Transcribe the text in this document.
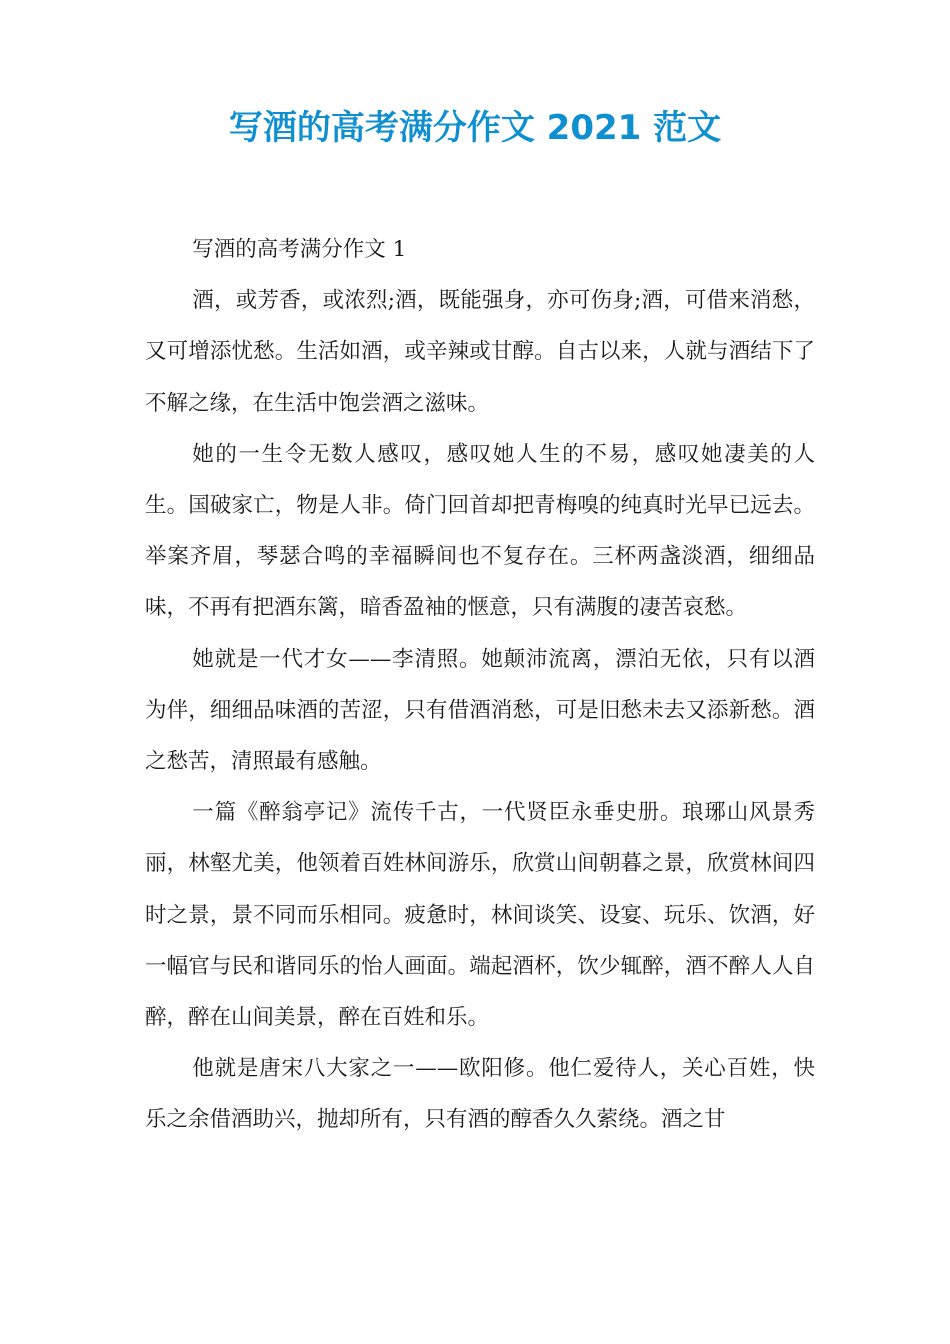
写酒的高考满分作文 2021 范文

写酒的高考满分作文 1

酒，或芳香，或浓烈;酒，既能强身，亦可伤身;酒，可借来消愁，又可增添忧愁。生活如酒，或辛辣或甘醇。自古以来，人就与酒结下了不解之缘，在生活中饱尝酒之滋味。

她的一生令无数人感叹，感叹她人生的不易，感叹她凄美的人生。国破家亡，物是人非。倚门回首却把青梅嗅的纯真时光早已远去。举案齐眉，琴瑟合鸣的幸福瞬间也不复存在。三杯两盏淡酒，细细品味，不再有把酒东篱，暗香盈袖的惬意，只有满腹的凄苦哀愁。

她就是一代才女——李清照。她颠沛流离，漂泊无依，只有以酒为伴，细细品味酒的苦涩，只有借酒消愁，可是旧愁未去又添新愁。酒之愁苦，清照最有感触。

一篇《醉翁亭记》流传千古，一代贤臣永垂史册。琅琊山风景秀丽，林壑尤美，他领着百姓林间游乐，欣赏山间朝暮之景，欣赏林间四时之景，景不同而乐相同。疲惫时，林间谈笑、设宴、玩乐、饮酒，好一幅官与民和谐同乐的怡人画面。端起酒杯，饮少辄醉，酒不醉人人自醉，醉在山间美景，醉在百姓和乐。

他就是唐宋八大家之一——欧阳修。他仁爱待人，关心百姓，快乐之余借酒助兴，抛却所有，只有酒的醇香久久萦绕。酒之甘
